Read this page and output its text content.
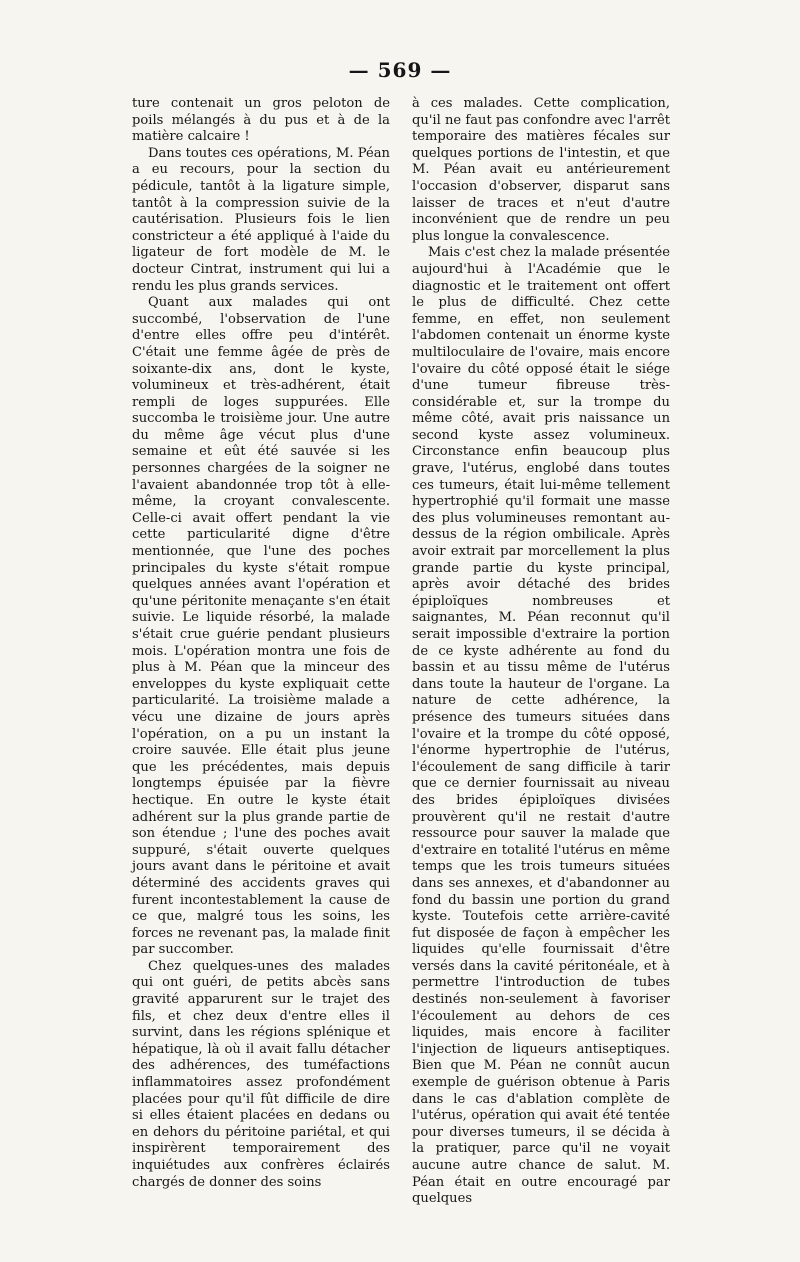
— 569 —

ture contenait un gros peloton de poils mélangés à du pus et à de la matière calcaire !

Dans toutes ces opérations, M. Péan a eu recours, pour la section du pédicule, tantôt à la ligature simple, tantôt à la compression suivie de la cautérisation. Plusieurs fois le lien constricteur a été appliqué à l'aide du ligateur de fort modèle de M. le docteur Cintrat, instrument qui lui a rendu les plus grands services.

Quant aux malades qui ont succombé, l'observation de l'une d'entre elles offre peu d'intérêt. C'était une femme âgée de près de soixante-dix ans, dont le kyste, volumineux et très-adhérent, était rempli de loges suppurées. Elle succomba le troisième jour. Une autre du même âge vécut plus d'une semaine et eût été sauvée si les personnes chargées de la soigner ne l'avaient abandonnée trop tôt à elle-même, la croyant convalescente. Celle-ci avait offert pendant la vie cette particularité digne d'être mentionnée, que l'une des poches principales du kyste s'était rompue quelques années avant l'opération et qu'une péritonite menaçante s'en était suivie. Le liquide résorbé, la malade s'était crue guérie pendant plusieurs mois. L'opération montra une fois de plus à M. Péan que la minceur des enveloppes du kyste expliquait cette particularité. La troisième malade a vécu une dizaine de jours après l'opération, on a pu un instant la croire sauvée. Elle était plus jeune que les précédentes, mais depuis longtemps épuisée par la fièvre hectique. En outre le kyste était adhérent sur la plus grande partie de son étendue ; l'une des poches avait suppuré, s'était ouverte quelques jours avant dans le péritoine et avait déterminé des accidents graves qui furent incontestablement la cause de ce que, malgré tous les soins, les forces ne revenant pas, la malade finit par succomber.

Chez quelques-unes des malades qui ont guéri, de petits abcès sans gravité apparurent sur le trajet des fils, et chez deux d'entre elles il survint, dans les régions splénique et hépatique, là où il avait fallu détacher des adhérences, des tuméfactions inflammatoires assez profondément placées pour qu'il fût difficile de dire si elles étaient placées en dedans ou en dehors du péritoine pariétal, et qui inspirèrent temporairement des inquiétudes aux confrères éclairés chargés de donner des soins

à ces malades. Cette complication, qu'il ne faut pas confondre avec l'arrêt temporaire des matières fécales sur quelques portions de l'intestin, et que M. Péan avait eu antérieurement l'occasion d'observer, disparut sans laisser de traces et n'eut d'autre inconvénient que de rendre un peu plus longue la convalescence.

Mais c'est chez la malade présentée aujourd'hui à l'Académie que le diagnostic et le traitement ont offert le plus de difficulté. Chez cette femme, en effet, non seulement l'abdomen contenait un énorme kyste multiloculaire de l'ovaire, mais encore l'ovaire du côté opposé était le siége d'une tumeur fibreuse très-considérable et, sur la trompe du même côté, avait pris naissance un second kyste assez volumineux. Circonstance enfin beaucoup plus grave, l'utérus, englobé dans toutes ces tumeurs, était lui-même tellement hypertrophié qu'il formait une masse des plus volumineuses remontant au-dessus de la région ombilicale. Après avoir extrait par morcellement la plus grande partie du kyste principal, après avoir détaché des brides épiploïques nombreuses et saignantes, M. Péan reconnut qu'il serait impossible d'extraire la portion de ce kyste adhérente au fond du bassin et au tissu même de l'utérus dans toute la hauteur de l'organe. La nature de cette adhérence, la présence des tumeurs situées dans l'ovaire et la trompe du côté opposé, l'énorme hypertrophie de l'utérus, l'écoulement de sang difficile à tarir que ce dernier fournissait au niveau des brides épiploïques divisées prouvèrent qu'il ne restait d'autre ressource pour sauver la malade que d'extraire en totalité l'utérus en même temps que les trois tumeurs situées dans ses annexes, et d'abandonner au fond du bassin une portion du grand kyste. Toutefois cette arrière-cavité fut disposée de façon à empêcher les liquides qu'elle fournissait d'être versés dans la cavité péritonéale, et à permettre l'introduction de tubes destinés non-seulement à favoriser l'écoulement au dehors de ces liquides, mais encore à faciliter l'injection de liqueurs antiseptiques. Bien que M. Péan ne connût aucun exemple de guérison obtenue à Paris dans le cas d'ablation complète de l'utérus, opération qui avait été tentée pour diverses tumeurs, il se décida à la pratiquer, parce qu'il ne voyait aucune autre chance de salut. M. Péan était en outre encouragé par quelques
